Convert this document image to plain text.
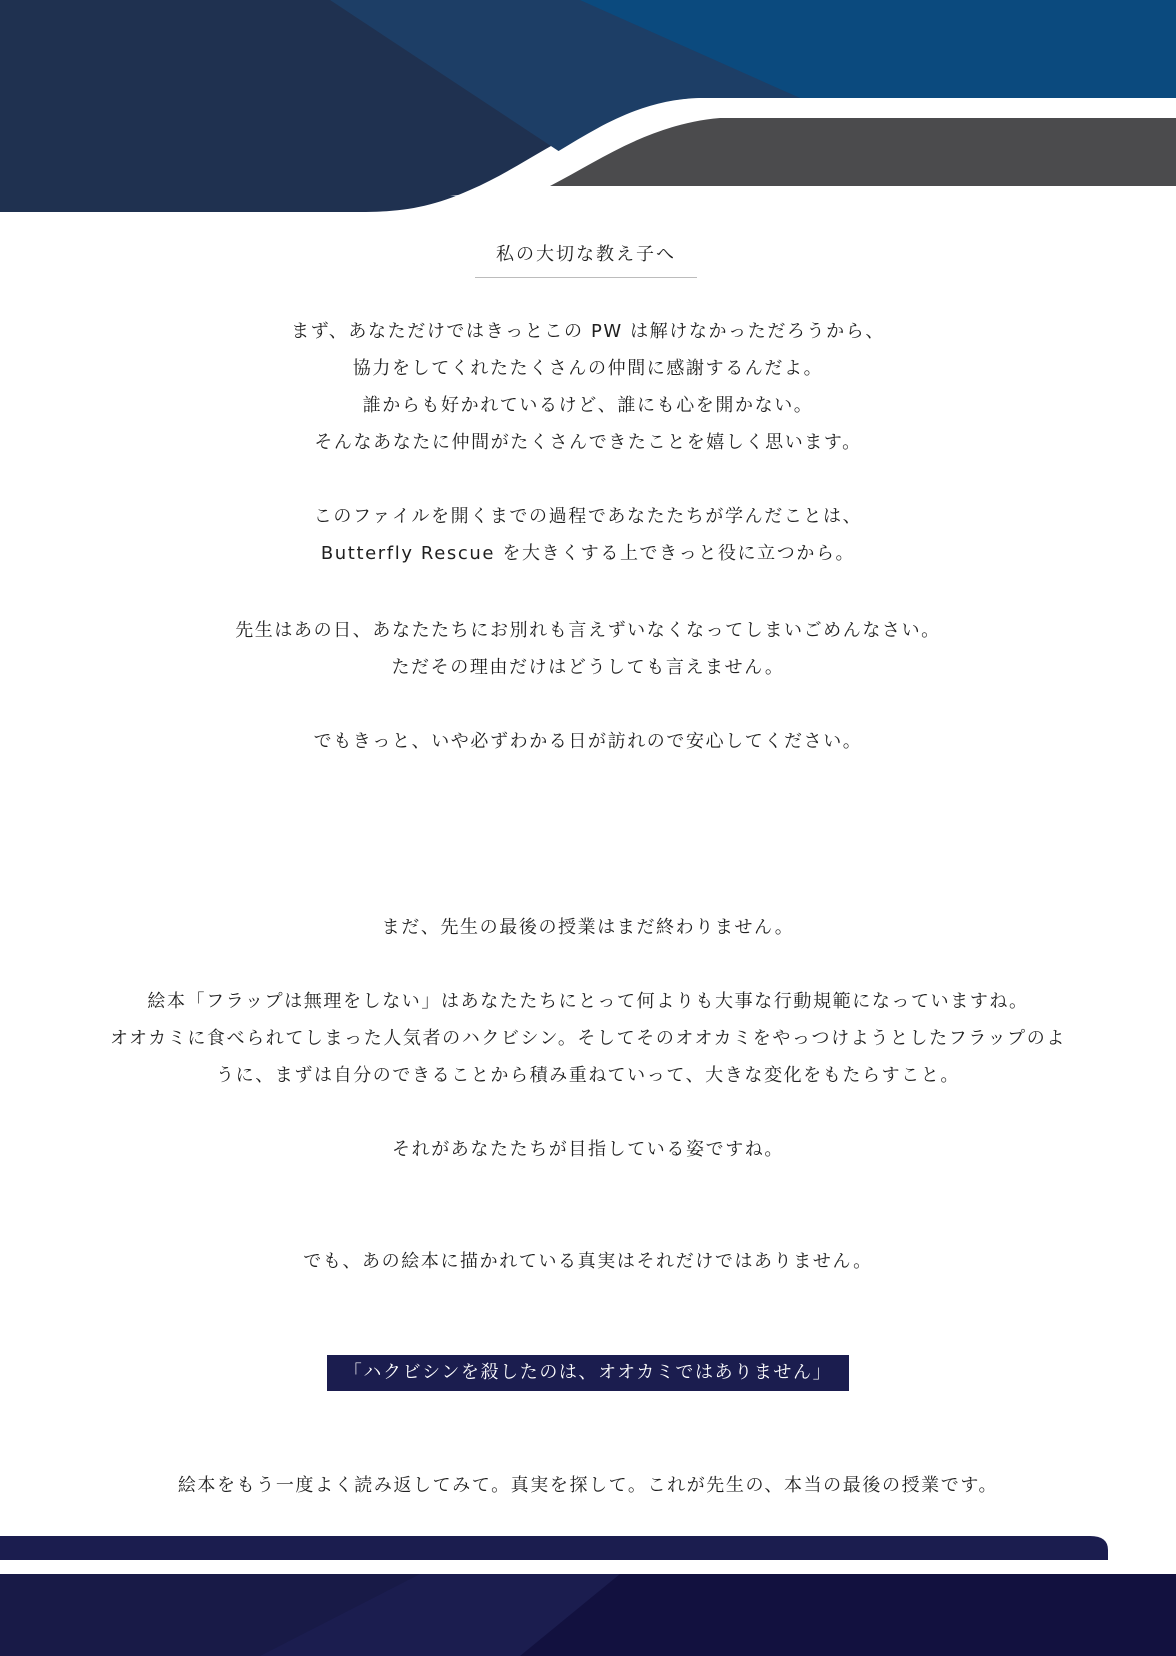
私の大切な教え子へ
まず、あなただけではきっとこの PW は解けなかっただろうから、
協力をしてくれたたくさんの仲間に感謝するんだよ。
誰からも好かれているけど、誰にも心を開かない。
そんなあなたに仲間がたくさんできたことを嬉しく思います。
このファイルを開くまでの過程であなたたちが学んだことは、
Butterfly Rescue を大きくする上できっと役に立つから。
先生はあの日、あなたたちにお別れも言えずいなくなってしまいごめんなさい。
ただその理由だけはどうしても言えません。
でもきっと、いや必ずわかる日が訪れので安心してください。
まだ、先生の最後の授業はまだ終わりません。
絵本「フラップは無理をしない」はあなたたちにとって何よりも大事な行動規範になっていますね。
オオカミに食べられてしまった人気者のハクビシン。そしてそのオオカミをやっつけようとしたフラップのよ
うに、まずは自分のできることから積み重ねていって、大きな変化をもたらすこと。
それがあなたたちが目指している姿ですね。
でも、あの絵本に描かれている真実はそれだけではありません。
「ハクビシンを殺したのは、オオカミではありません」
絵本をもう一度よく読み返してみて。真実を探して。これが先生の、本当の最後の授業です。
